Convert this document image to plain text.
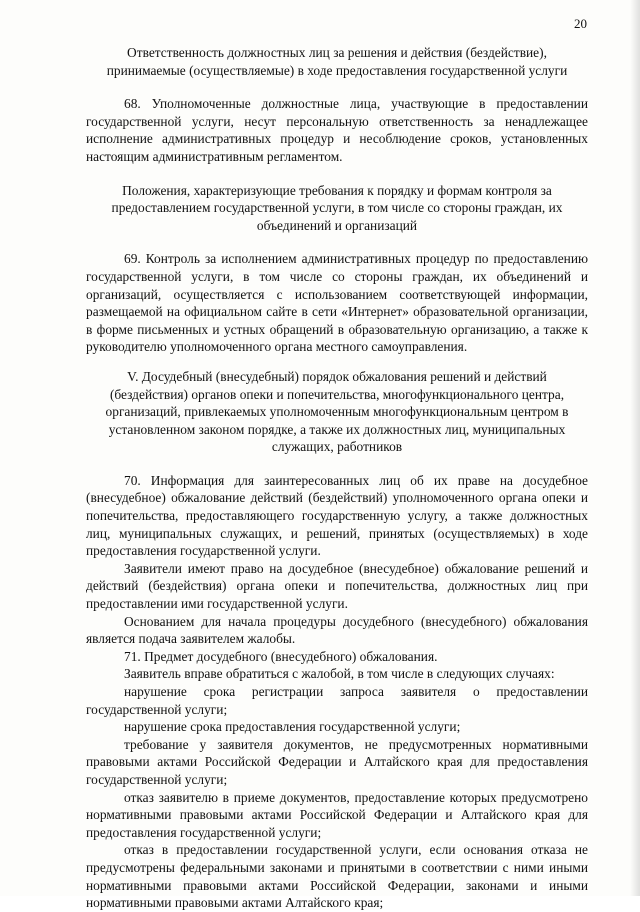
20
Ответственность должностных лиц за решения и действия (бездействие), принимаемые (осуществляемые) в ходе предоставления государственной услуги

68. Уполномоченные должностные лица, участвующие в предоставлении государственной услуги, несут персональную ответственность за ненадлежащее исполнение административных процедур и несоблюдение сроков, установленных настоящим административным регламентом.

Положения, характеризующие требования к порядку и формам контроля за предоставлением государственной услуги, в том числе со стороны граждан, их объединений и организаций

69. Контроль за исполнением административных процедур по предоставлению государственной услуги, в том числе со стороны граждан, их объединений и организаций, осуществляется с использованием соответствующей информации, размещаемой на официальном сайте в сети «Интернет» образовательной организации, в форме письменных и устных обращений в образовательную организацию, а также к руководителю уполномоченного органа местного самоуправления.

V. Досудебный (внесудебный) порядок обжалования решений и действий (бездействия) органов опеки и попечительства, многофункционального центра, организаций, привлекаемых уполномоченным многофункциональным центром в установленном законом порядке, а также их должностных лиц, муниципальных служащих, работников

70. Информация для заинтересованных лиц об их праве на досудебное (внесудебное) обжалование действий (бездействий) уполномоченного органа опеки и попечительства, предоставляющего государственную услугу, а также должностных лиц, муниципальных служащих, и решений, принятых (осуществляемых) в ходе предоставления государственной услуги.

Заявители имеют право на досудебное (внесудебное) обжалование решений и действий (бездействия) органа опеки и попечительства, должностных лиц при предоставлении ими государственной услуги.

Основанием для начала процедуры досудебного (внесудебного) обжалования является подача заявителем жалобы.

71. Предмет досудебного (внесудебного) обжалования.

Заявитель вправе обратиться с жалобой, в том числе в следующих случаях:

нарушение срока регистрации запроса заявителя о предоставлении государственной услуги;

нарушение срока предоставления государственной услуги;

требование у заявителя документов, не предусмотренных нормативными правовыми актами Российской Федерации и Алтайского края для предоставления государственной услуги;

отказ заявителю в приеме документов, предоставление которых предусмотрено нормативными правовыми актами Российской Федерации и Алтайского края для предоставления государственной услуги;

отказ в предоставлении государственной услуги, если основания отказа не предусмотрены федеральными законами и принятыми в соответствии с ними иными нормативными правовыми актами Российской Федерации, законами и иными нормативными правовыми актами Алтайского края;
